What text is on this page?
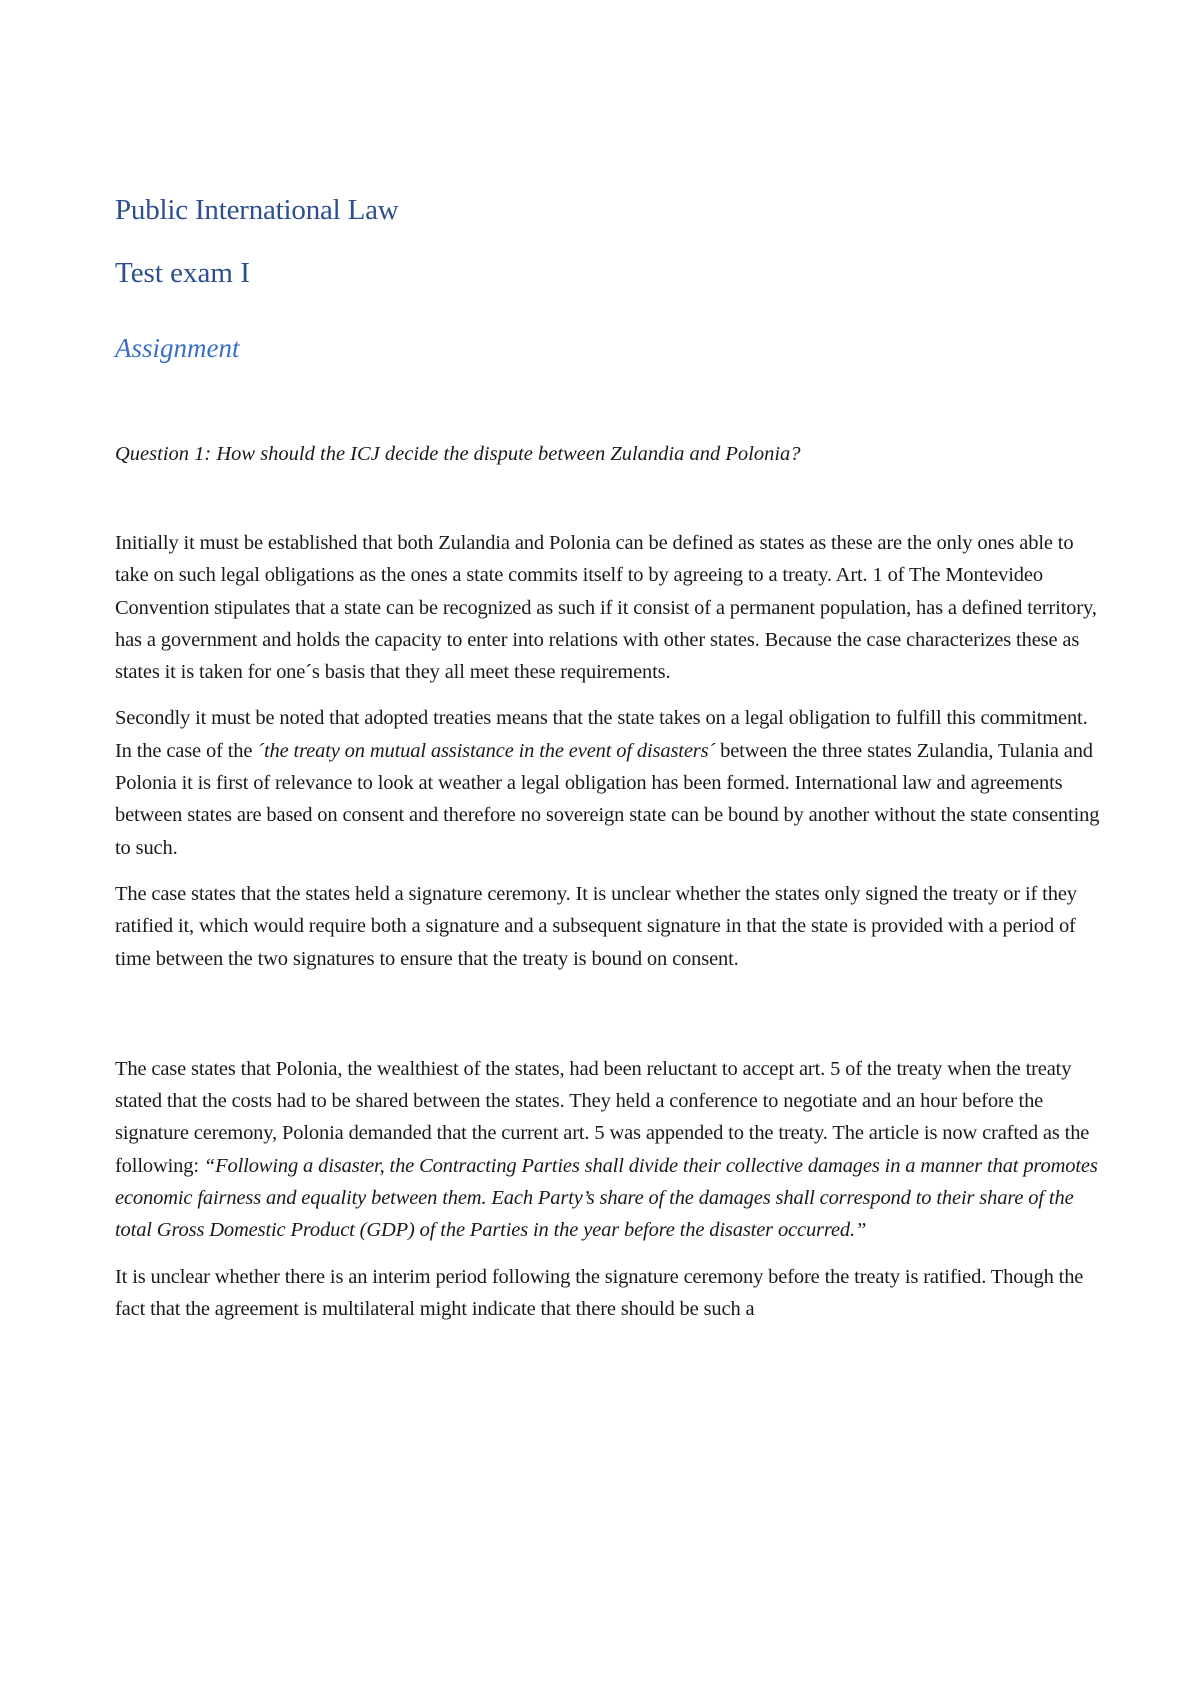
Public International Law
Test exam I
Assignment
Question 1: How should the ICJ decide the dispute between Zulandia and Polonia?

Initially it must be established that both Zulandia and Polonia can be defined as states as these are the only ones able to take on such legal obligations as the ones a state commits itself to by agreeing to a treaty. Art. 1 of The Montevideo Convention stipulates that a state can be recognized as such if it consist of a permanent population, has a defined territory, has a government and holds the capacity to enter into relations with other states. Because the case characterizes these as states it is taken for one´s basis that they all meet these requirements.

Secondly it must be noted that adopted treaties means that the state takes on a legal obligation to fulfill this commitment. In the case of the ´the treaty on mutual assistance in the event of disasters´ between the three states Zulandia, Tulania and Polonia it is first of relevance to look at weather a legal obligation has been formed. International law and agreements between states are based on consent and therefore no sovereign state can be bound by another without the state consenting to such.

The case states that the states held a signature ceremony. It is unclear whether the states only signed the treaty or if they ratified it, which would require both a signature and a subsequent signature in that the state is provided with a period of time between the two signatures to ensure that the treaty is bound on consent.

The case states that Polonia, the wealthiest of the states, had been reluctant to accept art. 5 of the treaty when the treaty stated that the costs had to be shared between the states. They held a conference to negotiate and an hour before the signature ceremony, Polonia demanded that the current art. 5 was appended to the treaty. The article is now crafted as the following: “Following a disaster, the Contracting Parties shall divide their collective damages in a manner that promotes economic fairness and equality between them. Each Party’s share of the damages shall correspond to their share of the total Gross Domestic Product (GDP) of the Parties in the year before the disaster occurred.”

It is unclear whether there is an interim period following the signature ceremony before the treaty is ratified. Though the fact that the agreement is multilateral might indicate that there should be such a
